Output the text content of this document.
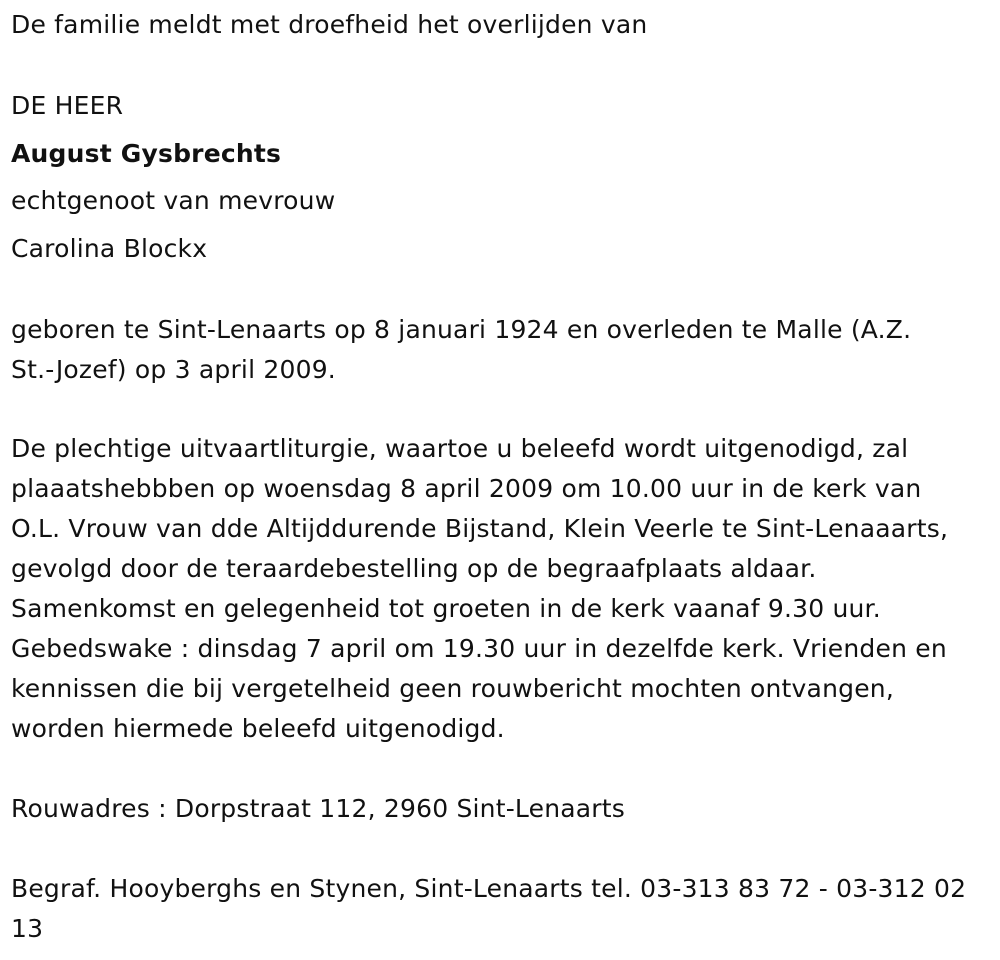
De familie meldt met droefheid het overlijden van
DE HEER
August Gysbrechts
echtgenoot van mevrouw
Carolina Blockx
geboren te Sint-Lenaarts op 8 januari 1924 en overleden te Malle (A.Z.
St.-Jozef) op 3 april 2009.
De plechtige uitvaartliturgie, waartoe u beleefd wordt uitgenodigd, zal
plaaatshebbben op woensdag 8 april 2009 om 10.00 uur in de kerk van
O.L. Vrouw van dde Altijddurende Bijstand, Klein Veerle te Sint-Lenaaarts,
gevolgd door de teraardebestelling op de begraafplaats aldaar.
Samenkomst en gelegenheid tot groeten in de kerk vaanaf 9.30 uur.
Gebedswake : dinsdag 7 april om 19.30 uur in dezelfde kerk. Vrienden en
kennissen die bij vergetelheid geen rouwbericht mochten ontvangen,
worden hiermede beleefd uitgenodigd.
Rouwadres : Dorpstraat 112, 2960 Sint-Lenaarts
Begraf. Hooyberghs en Stynen, Sint-Lenaarts tel. 03-313 83 72 - 03-312 02
13
